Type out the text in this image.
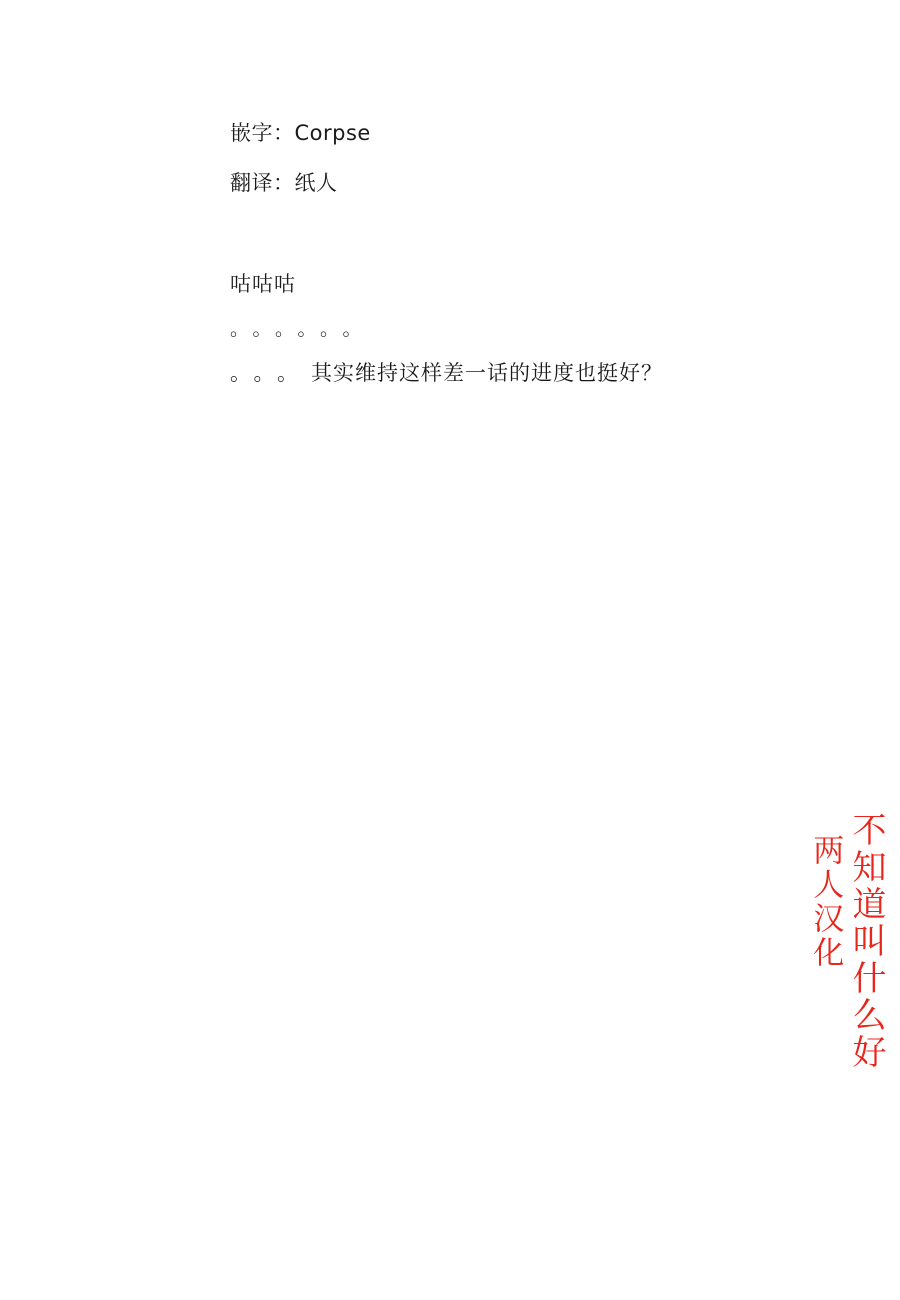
嵌字：Corpse
翻译：纸人
咕咕咕
。。。。。。
。。。其实维持这样差一话的进度也挺好？
不知道叫什么好
两人汉化
